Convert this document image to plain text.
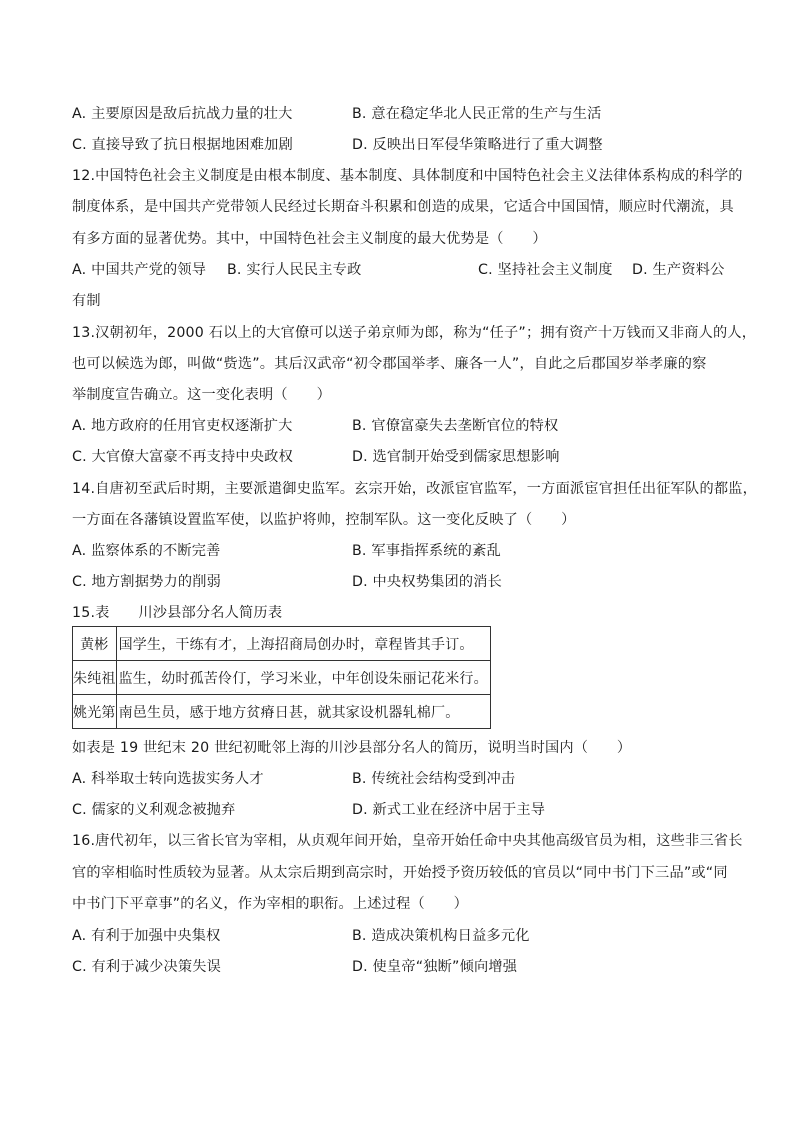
A. 主要原因是敌后抗战力量的壮大	B. 意在稳定华北人民正常的生产与生活
C. 直接导致了抗日根据地困难加剧	D. 反映出日军侵华策略进行了重大调整
12.中国特色社会主义制度是由根本制度、基本制度、具体制度和中国特色社会主义法律体系构成的科学的
制度体系，是中国共产党带领人民经过长期奋斗积累和创造的成果，它适合中国国情，顺应时代潮流，具
有多方面的显著优势。其中，中国特色社会主义制度的最大优势是（　　）
A. 中国共产党的领导 B. 实行人民民主专政	C. 坚持社会主义制度 D. 生产资料公
有制
13.汉朝初年，2000 石以上的大官僚可以送子弟京师为郎，称为“任子”；拥有资产十万钱而又非商人的人，
也可以候选为郎，叫做“赀选”。其后汉武帝“初令郡国举孝、廉各一人”，自此之后郡国岁举孝廉的察
举制度宣告确立。这一变化表明（　　）
A. 地方政府的任用官吏权逐渐扩大	B. 官僚富豪失去垄断官位的特权
C. 大官僚大富豪不再支持中央政权	D. 选官制开始受到儒家思想影响
14.自唐初至武后时期，主要派遣御史监军。玄宗开始，改派宦官监军，一方面派宦官担任出征军队的都监，
一方面在各藩镇设置监军使，以监护将帅，控制军队。这一变化反映了（　　）
A. 监察体系的不断完善	B. 军事指挥系统的紊乱
C. 地方割据势力的削弱	D. 中央权势集团的消长
15.表　　川沙县部分名人简历表
黄彬	国学生，干练有才，上海招商局创办时，章程皆其手订。
朱纯祖	监生，幼时孤苦伶仃，学习米业，中年创设朱丽记花米行。
姚光第	南邑生员，感于地方贫瘠日甚，就其家设机器轧棉厂。
如表是 19 世纪末 20 世纪初毗邻上海的川沙县部分名人的简历，说明当时国内（　　）
A. 科举取士转向选拔实务人才	B. 传统社会结构受到冲击
C. 儒家的义利观念被抛弃	D. 新式工业在经济中居于主导
16.唐代初年，以三省长官为宰相，从贞观年间开始，皇帝开始任命中央其他高级官员为相，这些非三省长
官的宰相临时性质较为显著。从太宗后期到高宗时，开始授予资历较低的官员以“同中书门下三品”或“同
中书门下平章事”的名义，作为宰相的职衔。上述过程（　　）
A. 有利于加强中央集权	B. 造成决策机构日益多元化
C. 有利于减少决策失误	D. 使皇帝“独断”倾向增强
